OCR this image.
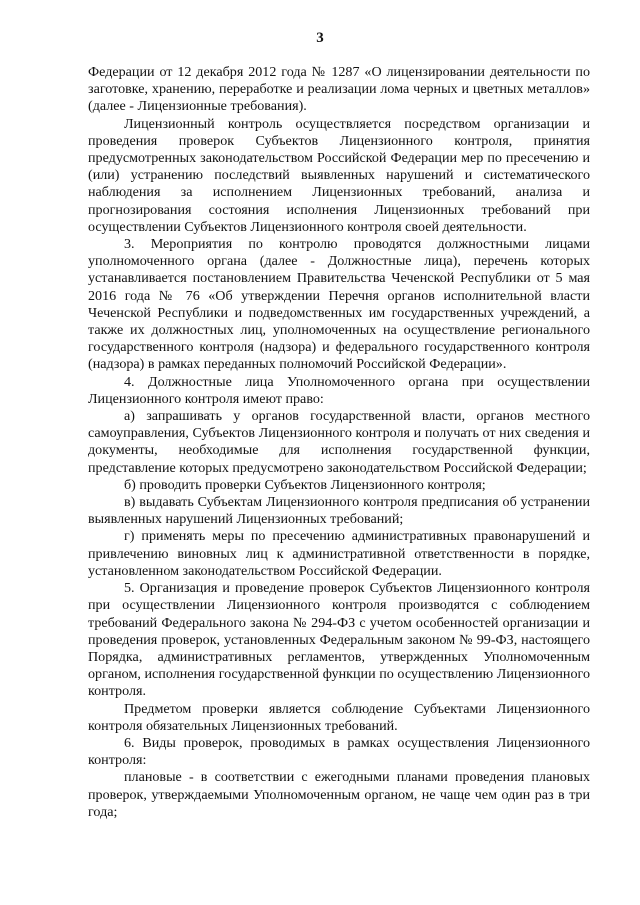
3

Федерации от 12 декабря 2012 года № 1287 «О лицензировании деятельности по заготовке, хранению, переработке и реализации лома черных и цветных металлов» (далее - Лицензионные требования).

Лицензионный контроль осуществляется посредством организации и проведения проверок Субъектов Лицензионного контроля, принятия предусмотренных законодательством Российской Федерации мер по пресечению и (или) устранению последствий выявленных нарушений и систематического наблюдения за исполнением Лицензионных требований, анализа и прогнозирования состояния исполнения Лицензионных требований при осуществлении Субъектов Лицензионного контроля своей деятельности.

3. Мероприятия по контролю проводятся должностными лицами уполномоченного органа (далее - Должностные лица), перечень которых устанавливается постановлением Правительства Чеченской Республики от 5 мая 2016 года № 76 «Об утверждении Перечня органов исполнительной власти Чеченской Республики и подведомственных им государственных учреждений, а также их должностных лиц, уполномоченных на осуществление регионального государственного контроля (надзора) и федерального государственного контроля (надзора) в рамках переданных полномочий Российской Федерации».

4. Должностные лица Уполномоченного органа при осуществлении Лицензионного контроля имеют право:

а) запрашивать у органов государственной власти, органов местного самоуправления, Субъектов Лицензионного контроля и получать от них сведения и документы, необходимые для исполнения государственной функции, представление которых предусмотрено законодательством Российской Федерации;

б) проводить проверки Субъектов Лицензионного контроля;

в) выдавать Субъектам Лицензионного контроля предписания об устранении выявленных нарушений Лицензионных требований;

г) применять меры по пресечению административных правонарушений и привлечению виновных лиц к административной ответственности в порядке, установленном законодательством Российской Федерации.

5. Организация и проведение проверок Субъектов Лицензионного контроля при осуществлении Лицензионного контроля производятся с соблюдением требований Федерального закона № 294-ФЗ с учетом особенностей организации и проведения проверок, установленных Федеральным законом № 99-ФЗ, настоящего Порядка, административных регламентов, утвержденных Уполномоченным органом, исполнения государственной функции по осуществлению Лицензионного контроля.

Предметом проверки является соблюдение Субъектами Лицензионного контроля обязательных Лицензионных требований.

6. Виды проверок, проводимых в рамках осуществления Лицензионного контроля:

плановые - в соответствии с ежегодными планами проведения плановых проверок, утверждаемыми Уполномоченным органом, не чаще чем один раз в три года;
